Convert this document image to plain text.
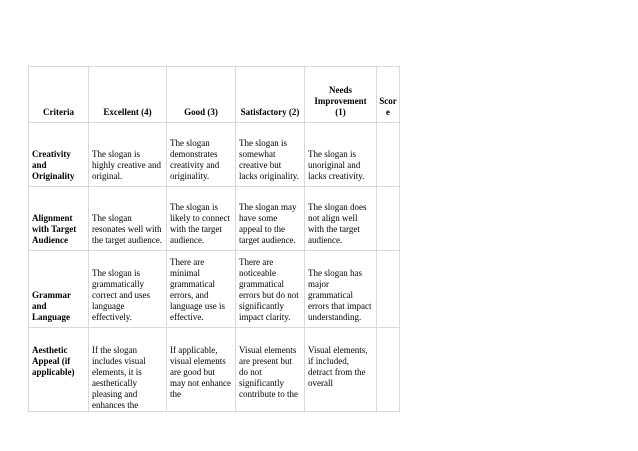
Criteria	Excellent (4)	Good (3)	Satisfactory (2)	Needs Improvement (1)	Score
Creativity and Originality	The slogan is highly creative and original.	The slogan demonstrates creativity and originality.	The slogan is somewhat creative but lacks originality.	The slogan is unoriginal and lacks creativity.	
Alignment with Target Audience	The slogan resonates well with the target audience.	The slogan is likely to connect with the target audience.	The slogan may have some appeal to the target audience.	The slogan does not align well with the target audience.	
Grammar and Language	The slogan is grammatically correct and uses language effectively.	There are minimal grammatical errors, and language use is effective.	There are noticeable grammatical errors but do not significantly impact clarity.	The slogan has major grammatical errors that impact understanding.	
Aesthetic Appeal (if applicable)	If the slogan includes visual elements, it is aesthetically pleasing and enhances the	If applicable, visual elements are good but may not enhance the	Visual elements are present but do not significantly contribute to the	Visual elements, if included, detract from the overall	
